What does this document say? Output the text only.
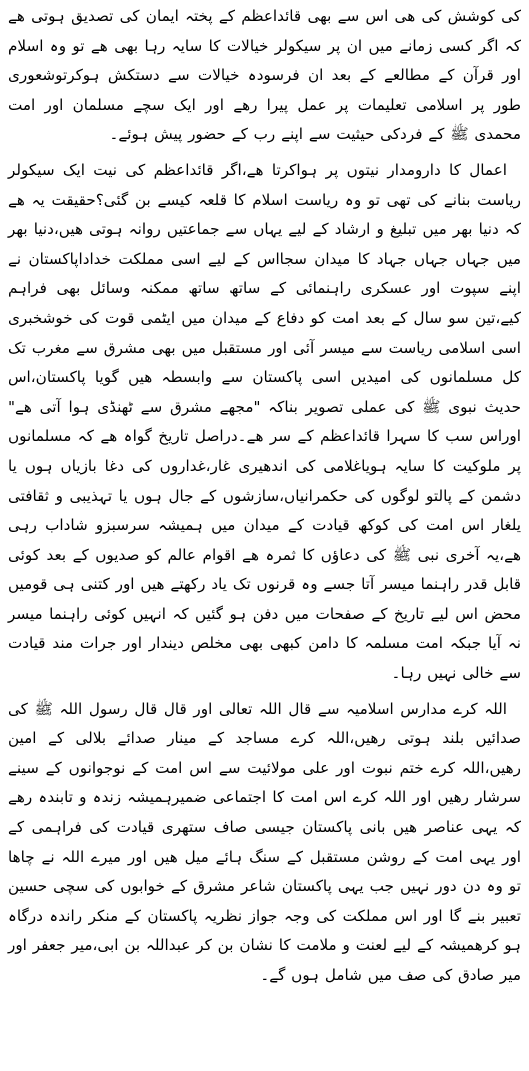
کی کوشش کی ھی اس سے بھی قائداعظم کے پختہ ایمان کی تصدیق ہوتی ھے کہ اگر کسی زمانے میں ان پر سیکولر خیالات کا سایہ رہا بھی ھے تو وہ اسلام اور قرآن کے مطالعے کے بعد ان فرسودہ خیالات سے دستکش ہوکرتوشعوری طور پر اسلامی تعلیمات پر عمل پیرا رھے اور ایک سچے مسلمان اور امت محمدی ﷺ کے فردکی حیثیت سے اپنے رب کے حضور پیش ہوئے۔

اعمال کا دارومدار نیتوں پر ہواکرتا ھے،اگر قائداعظم کی نیت ایک سیکولر ریاست بنانے کی تھی تو وہ ریاست اسلام کا قلعہ کیسے بن گئی؟حقیقت یہ ھے کہ دنیا بھر میں تبلیغ و ارشاد کے لیے یہاں سے جماعتیں روانہ ہوتی ھیں،دنیا بھر میں جہاں جہاں جہاد کا میدان سجااس کے لیے اسی مملکت خداداپاکستان نے اپنے سپوت اور عسکری راہنمائی کے ساتھ ساتھ ممکنہ وسائل بھی فراہم کیے،تین سو سال کے بعد امت کو دفاع کے میدان میں ایٹمی قوت کی خوشخبری اسی اسلامی ریاست سے میسر آئی اور مستقبل میں بھی مشرق سے مغرب تک کل مسلمانوں کی امیدیں اسی پاکستان سے وابسطہ ھیں گویا پاکستان،اس حدیث نبوی ﷺ کی عملی تصویر بناکہ "مجھے مشرق سے ٹھنڈی ہوا آتی ھے" اوراس سب کا سہرا قائداعظم کے سر ھے۔دراصل تاریخ گواہ ھے کہ مسلمانوں پر ملوکیت کا سایہ ہویاغلامی کی اندھیری غار،غداروں کی دغا بازیاں ہوں یا دشمن کے پالتو لوگوں کی حکمرانیاں،سازشوں کے جال ہوں یا تہذیبی و ثقافتی یلغار اس امت کی کوکھ قیادت کے میدان میں ہمیشہ سرسبزو شاداب رہی ھے،یہ آخری نبی ﷺ کی دعاؤں کا ثمرہ ھے اقوام عالم کو صدیوں کے بعد کوئی قابل قدر راہنما میسر آتا جسے وہ قرنوں تک یاد رکھتے ھیں اور کتنی ہی قومیں محض اس لیے تاریخ کے صفحات میں دفن ہو گئیں کہ انہیں کوئی راہنما میسر نہ آیا جبکہ امت مسلمہ کا دامن کبھی بھی مخلص دیندار اور جرات مند قیادت سے خالی نہیں رہا۔

اللہ کرے مدارس اسلامیہ سے قال اللہ تعالی اور قال قال رسول اللہ ﷺ کی صدائیں بلند ہوتی رھیں،اللہ کرے مساجد کے مینار صدائے بلالی کے امین رھیں،اللہ کرے ختم نبوت اور علی مولائیت سے اس امت کے نوجوانوں کے سینے سرشار رھیں اور اللہ کرے اس امت کا اجتماعی ضمیرہمیشہ زندہ و تابندہ رھے کہ یہی عناصر ھیں بانی پاکستان جیسی صاف ستھری قیادت کی فراہمی کے اور یہی امت کے روشن مستقبل کے سنگ ہائے میل ھیں اور میرے اللہ نے چاھا تو وہ دن دور نہیں جب یہی پاکستان شاعر مشرق کے خوابوں کی سچی حسین تعبیر بنے گا اور اس مملکت کی وجہ جواز نظریہ پاکستان کے منکر راندہ درگاہ ہو کرھمیشہ کے لیے لعنت و ملامت کا نشان بن کر عبداللہ بن ابی،میر جعفر اور میر صادق کی صف میں شامل ہوں گے۔
